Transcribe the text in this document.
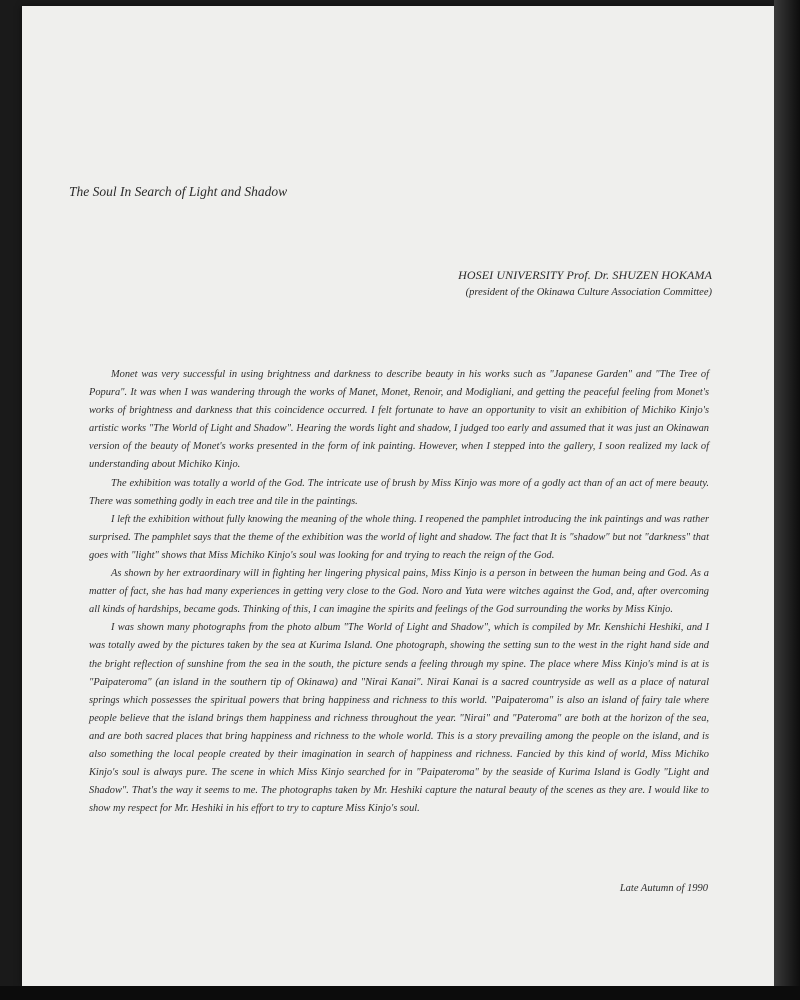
The Soul In Search of Light and Shadow
HOSEI UNIVERSITY Prof. Dr. SHUZEN HOKAMA
(president of the Okinawa Culture Association Committee)

Monet was very successful in using brightness and darkness to describe beauty in his works such as "Japanese Garden" and "The Tree of Popura". It was when I was wandering through the works of Manet, Monet, Renoir, and Modigliani, and getting the peaceful feeling from Monet's works of brightness and darkness that this coincidence occurred. I felt fortunate to have an opportunity to visit an exhibition of Michiko Kinjo's artistic works "The World of Light and Shadow". Hearing the words light and shadow, I judged too early and assumed that it was just an Okinawan version of the beauty of Monet's works presented in the form of ink painting. However, when I stepped into the gallery, I soon realized my lack of understanding about Michiko Kinjo.

The exhibition was totally a world of the God. The intricate use of brush by Miss Kinjo was more of a godly act than of an act of mere beauty. There was something godly in each tree and tile in the paintings.

I left the exhibition without fully knowing the meaning of the whole thing. I reopened the pamphlet introducing the ink paintings and was rather surprised. The pamphlet says that the theme of the exhibition was the world of light and shadow. The fact that It is "shadow" but not "darkness" that goes with "light" shows that Miss Michiko Kinjo's soul was looking for and trying to reach the reign of the God.

As shown by her extraordinary will in fighting her lingering physical pains, Miss Kinjo is a person in between the human being and God. As a matter of fact, she has had many experiences in getting very close to the God. Noro and Yuta were witches against the God, and, after overcoming all kinds of hardships, became gods. Thinking of this, I can imagine the spirits and feelings of the God surrounding the works by Miss Kinjo.

I was shown many photographs from the photo album "The World of Light and Shadow", which is compiled by Mr. Kenshichi Heshiki, and I was totally awed by the pictures taken by the sea at Kurima Island. One photograph, showing the setting sun to the west in the right hand side and the bright reflection of sunshine from the sea in the south, the picture sends a feeling through my spine. The place where Miss Kinjo's mind is at is "Paipateroma" (an island in the southern tip of Okinawa) and "Nirai Kanai". Nirai Kanai is a sacred countryside as well as a place of natural springs which possesses the spiritual powers that bring happiness and richness to this world. "Paipateroma" is also an island of fairy tale where people believe that the island brings them happiness and richness throughout the year. "Nirai" and "Pateroma" are both at the horizon of the sea, and are both sacred places that bring happiness and richness to the whole world. This is a story prevailing among the people on the island, and is also something the local people created by their imagination in search of happiness and richness. Fancied by this kind of world, Miss Michiko Kinjo's soul is always pure. The scene in which Miss Kinjo searched for in "Paipateroma" by the seaside of Kurima Island is Godly "Light and Shadow". That's the way it seems to me. The photographs taken by Mr. Heshiki capture the natural beauty of the scenes as they are. I would like to show my respect for Mr. Heshiki in his effort to try to capture Miss Kinjo's soul.

Late Autumn of 1990
